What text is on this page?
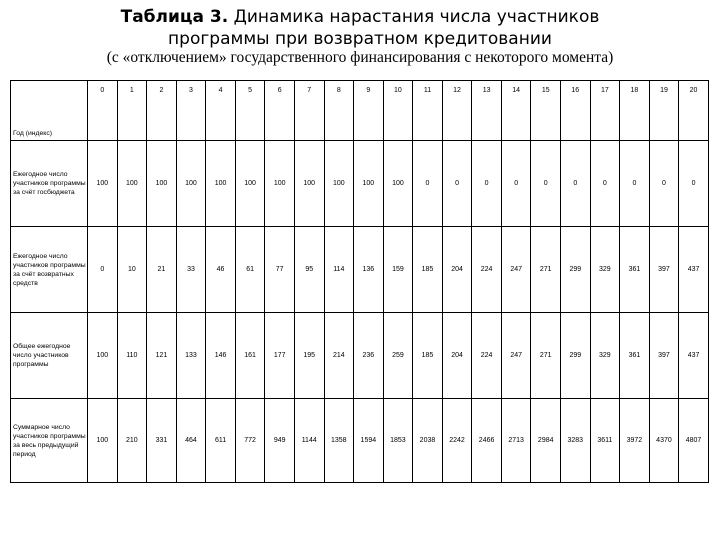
Таблица 3. Динамика нарастания числа участников
программы при возвратном кредитовании
(с «отключением» государственного финансирования с некоторого момента)
Год (индекс)	0	1	2	3	4	5	6	7	8	9	10	11	12	13	14	15	16	17	18	19	20
Ежегодное число участников программы за счёт госбюджета	100	100	100	100	100	100	100	100	100	100	100	0	0	0	0	0	0	0	0	0	0
Ежегодное число участников программы за счёт возвратных средств	0	10	21	33	46	61	77	95	114	136	159	185	204	224	247	271	299	329	361	397	437
Общее ежегодное число участников программы	100	110	121	133	146	161	177	195	214	236	259	185	204	224	247	271	299	329	361	397	437
Суммарное число участников программы за весь предыдущий период	100	210	331	464	611	772	949	1144	1358	1594	1853	2038	2242	2466	2713	2984	3283	3611	3972	4370	4807
